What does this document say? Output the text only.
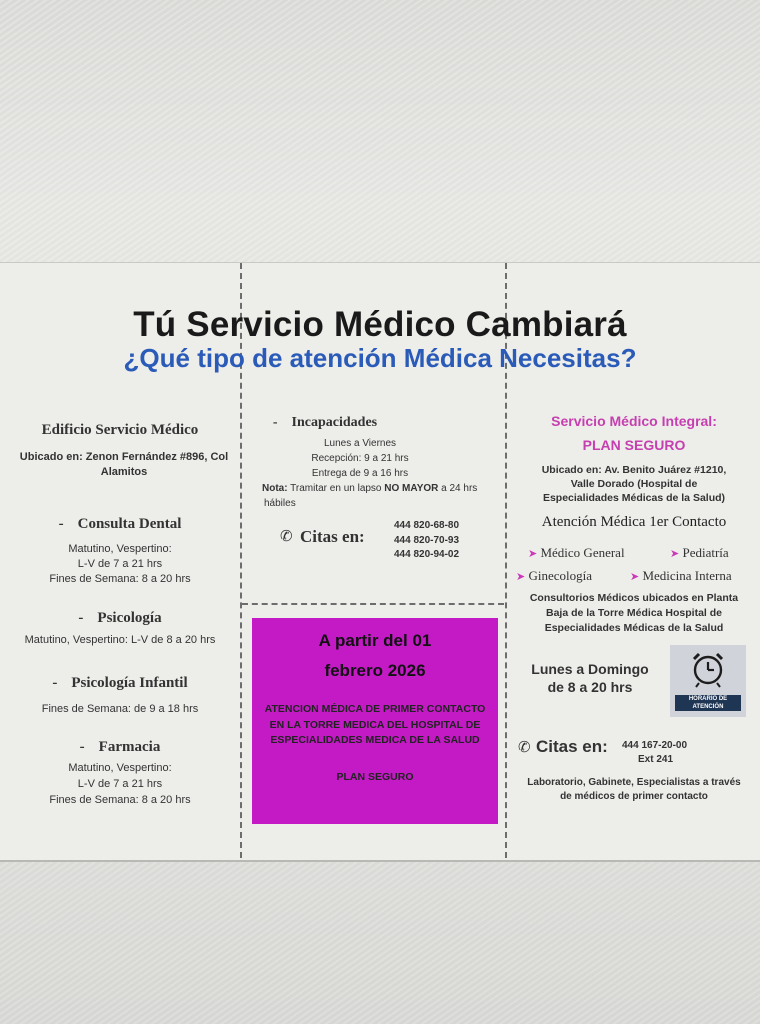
Tú Servicio Médico Cambiará
¿Qué tipo de atención Médica Necesitas?
Edificio Servicio Médico
Ubicado en: Zenon Fernández #896, Col Alamitos
- Consulta Dental
Matutino, Vespertino:
L-V de 7 a 21 hrs
Fines de Semana: 8 a 20 hrs
- Psicología
Matutino, Vespertino: L-V de 8 a 20 hrs
- Psicología Infantil
Fines de Semana: de 9 a 18 hrs
- Farmacia
Matutino, Vespertino:
L-V de 7 a 21 hrs
Fines de Semana: 8 a 20 hrs
- Incapacidades
Lunes a Viernes
Recepción: 9 a 21 hrs
Entrega de 9 a 16 hrs
Nota: Tramitar en un lapso NO MAYOR a 24 hrs
hábiles
✆ Citas en:
444 820-68-80
444 820-70-93
444 820-94-02
A partir del 01
febrero 2026
ATENCION MÉDICA DE PRIMER CONTACTO EN LA TORRE MEDICA DEL HOSPITAL DE ESPECIALIDADES MEDICA DE LA SALUD
PLAN SEGURO
Servicio Médico Integral:
PLAN SEGURO
Ubicado en: Av. Benito Juárez #1210,
Valle Dorado (Hospital de
Especialidades Médicas de la Salud)
Atención Médica 1er Contacto
➤ Médico General	➤ Pediatría
➤ Ginecología	➤ Medicina Interna
Consultorios Médicos ubicados en Planta
Baja de la Torre Médica Hospital de
Especialidades Médicas de la Salud
Lunes a Domingo
de 8 a 20 hrs
HORARIO DE ATENCIÓN
✆ Citas en: 444 167-20-00
Ext 241
Laboratorio, Gabinete, Especialistas a través
de médicos de primer contacto
